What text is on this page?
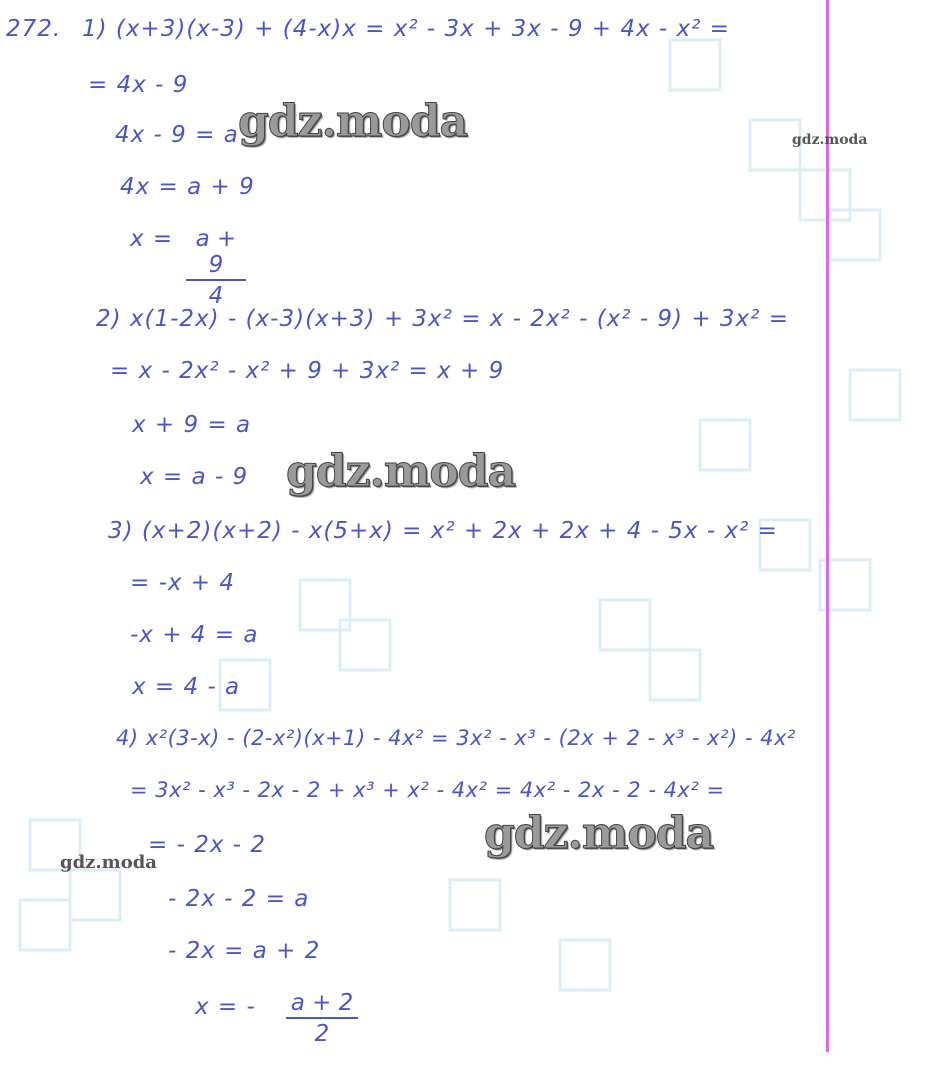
272. 1) (x+3)(x-3) + (4-x)x = x² - 3x + 3x - 9 + 4x - x² =
= 4x - 9
4x - 9 = a
4x = a + 9
x = a + 9
4
2) x(1-2x) - (x-3)(x+3) + 3x² = x - 2x² - (x² - 9) + 3x² =
= x - 2x² - x² + 9 + 3x² = x + 9
x + 9 = a
x = a - 9
3) (x+2)(x+2) - x(5+x) = x² + 2x + 2x + 4 - 5x - x² =
= -x + 4
-x + 4 = a
x = 4 - a
4) x²(3-x) - (2-x²)(x+1) - 4x² = 3x² - x³ - (2x + 2 - x³ - x²) - 4x²
= 3x² - x³ - 2x - 2 + x³ + x² - 4x² = 4x² - 2x - 2 - 4x² =
= - 2x - 2
- 2x - 2 = a
- 2x = a + 2
x = - a + 2
2
gdz.moda	gdz.moda
gdz.moda
gdz.moda
gdz.moda
